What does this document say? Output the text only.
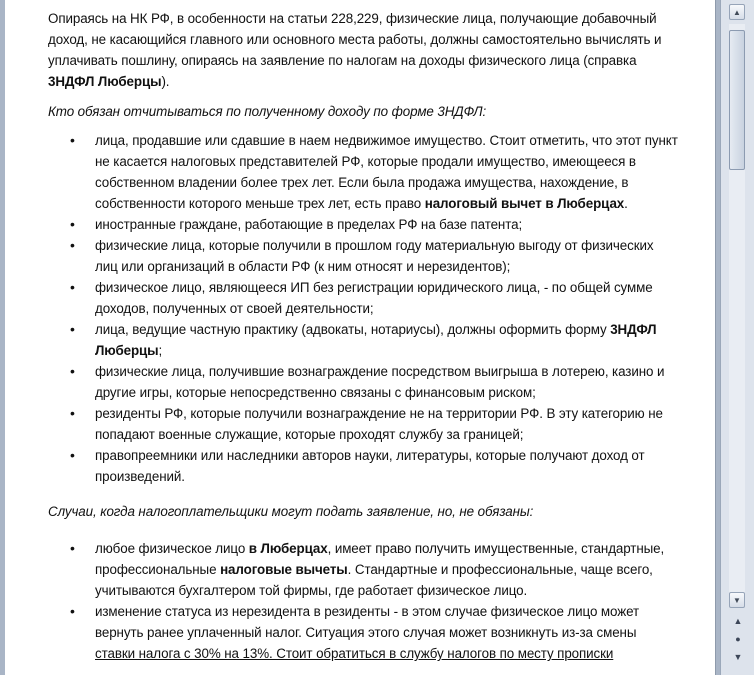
Опираясь на НК РФ, в особенности на статьи 228,229, физические лица, получающие добавочный доход, не касающийся главного или основного места работы, должны самостоятельно вычислять и уплачивать пошлину, опираясь на заявление по налогам на доходы физического лица (справка 3НДФЛ Люберцы).

Кто обязан отчитываться по полученному доходу по форме 3НДФЛ:

• лица, продавшие или сдавшие в наем недвижимое имущество. Стоит отметить, что этот пункт не касается налоговых представителей РФ, которые продали имущество, имеющееся в собственном владении более трех лет. Если была продажа имущества, нахождение, в собственности которого меньше трех лет, есть право налоговый вычет в Люберцах.
• иностранные граждане, работающие в пределах РФ на базе патента;
• физические лица, которые получили в прошлом году материальную выгоду от физических лиц или организаций в области РФ (к ним относят и нерезидентов);
• физическое лицо, являющееся ИП без регистрации юридического лица, - по общей сумме доходов, полученных от своей деятельности;
• лица, ведущие частную практику (адвокаты, нотариусы), должны оформить форму 3НДФЛ Люберцы;
• физические лица, получившие вознаграждение посредством выигрыша в лотерею, казино и другие игры, которые непосредственно связаны с финансовым риском;
• резиденты РФ, которые получили вознаграждение не на территории РФ. В эту категорию не попадают военные служащие, которые проходят службу за границей;
• правопреемники или наследники авторов науки, литературы, которые получают доход от произведений.

Случаи, когда налогоплательщики могут подать заявление, но, не обязаны:

• любое физическое лицо в Люберцах, имеет право получить имущественные, стандартные, профессиональные налоговые вычеты. Стандартные и профессиональные, чаще всего, учитываются бухгалтером той фирмы, где работает физическое лицо.
• изменение статуса из нерезидента в резиденты - в этом случае физическое лицо может вернуть ранее уплаченный налог. Ситуация этого случая может возникнуть из-за смены ставки налога с 30% на 13%. Стоит обратиться в службу налогов по месту прописки
▲
▼
▲
●
▼
